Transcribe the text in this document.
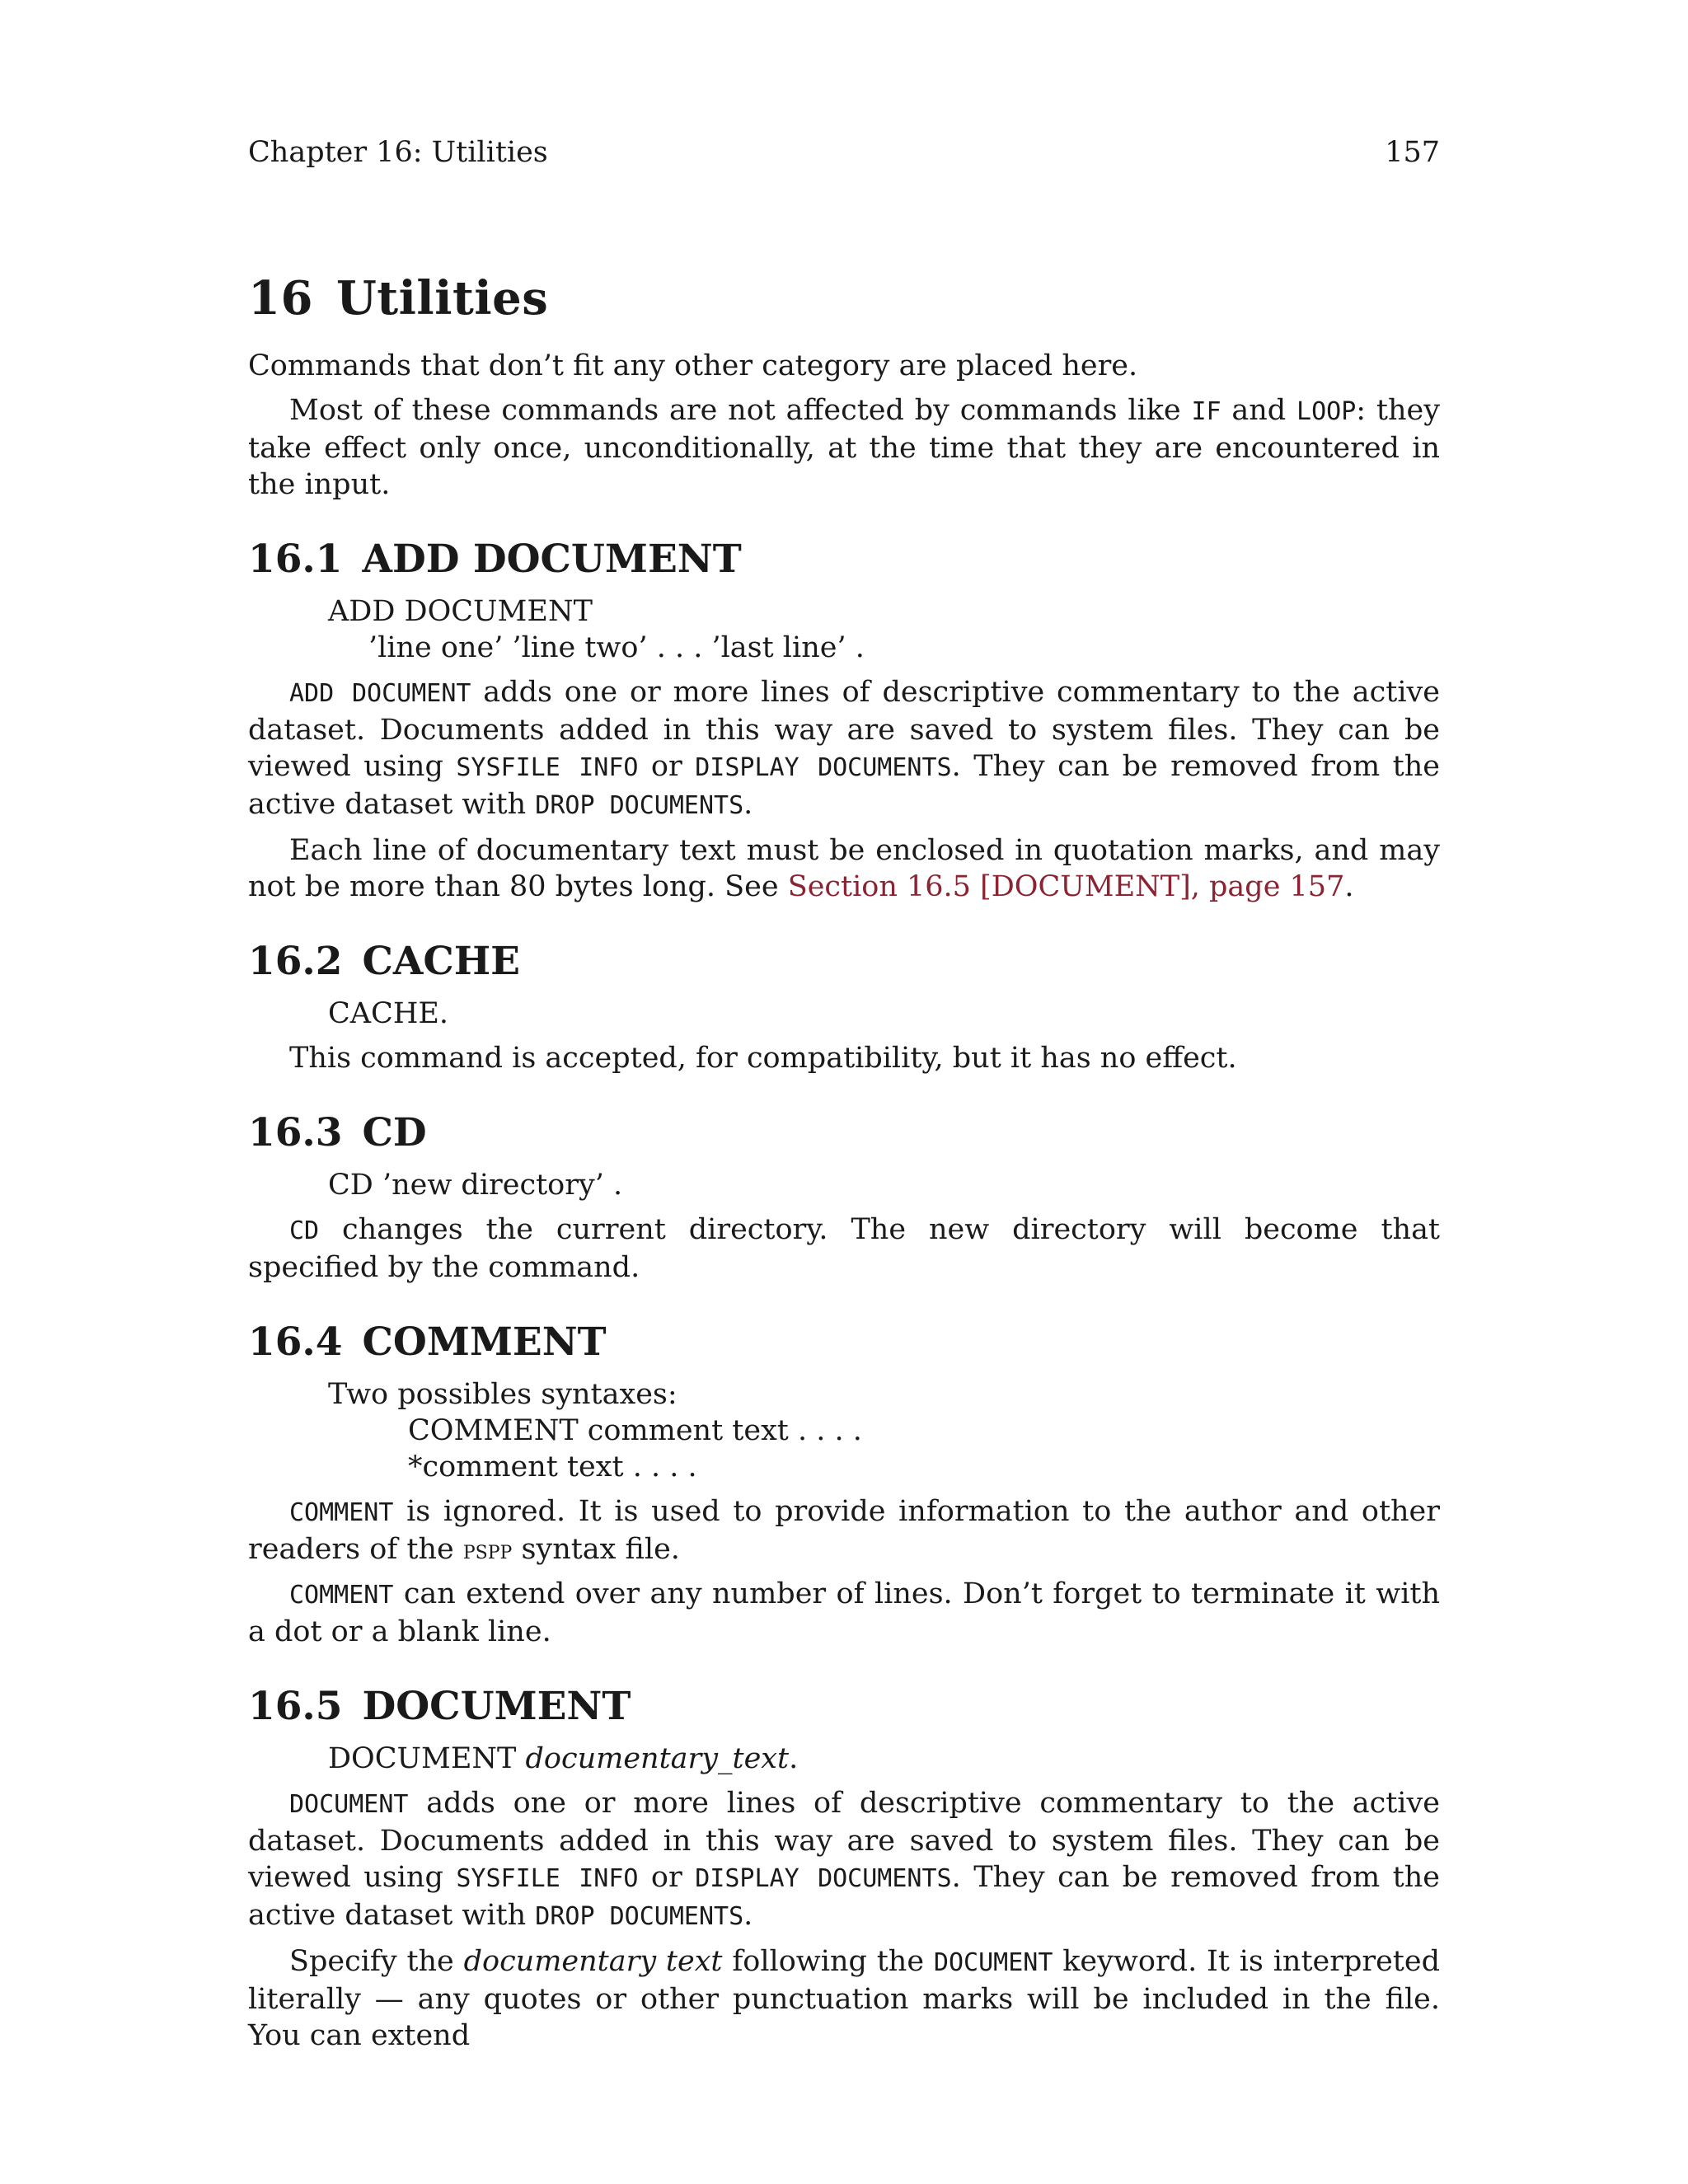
Chapter 16: Utilities	157
16 Utilities

Commands that don’t fit any other category are placed here.

Most of these commands are not affected by commands like IF and LOOP: they take effect only once, unconditionally, at the time that they are encountered in the input.

16.1 ADD DOCUMENT
ADD DOCUMENT
’line one’ ’line two’ . . . ’last line’ .

ADD DOCUMENT adds one or more lines of descriptive commentary to the active dataset. Documents added in this way are saved to system files. They can be viewed using SYSFILE INFO or DISPLAY DOCUMENTS. They can be removed from the active dataset with DROP DOCUMENTS.

Each line of documentary text must be enclosed in quotation marks, and may not be more than 80 bytes long. See Section 16.5 [DOCUMENT], page 157.

16.2 CACHE
CACHE.

This command is accepted, for compatibility, but it has no effect.

16.3 CD
CD ’new directory’ .

CD changes the current directory. The new directory will become that specified by the command.

16.4 COMMENT
Two possibles syntaxes:
COMMENT comment text . . . .
*comment text . . . .

COMMENT is ignored. It is used to provide information to the author and other readers of the pspp syntax file.

COMMENT can extend over any number of lines. Don’t forget to terminate it with a dot or a blank line.

16.5 DOCUMENT
DOCUMENT documentary_text.

DOCUMENT adds one or more lines of descriptive commentary to the active dataset. Documents added in this way are saved to system files. They can be viewed using SYSFILE INFO or DISPLAY DOCUMENTS. They can be removed from the active dataset with DROP DOCUMENTS.

Specify the documentary text following the DOCUMENT keyword. It is interpreted literally — any quotes or other punctuation marks will be included in the file. You can extend
